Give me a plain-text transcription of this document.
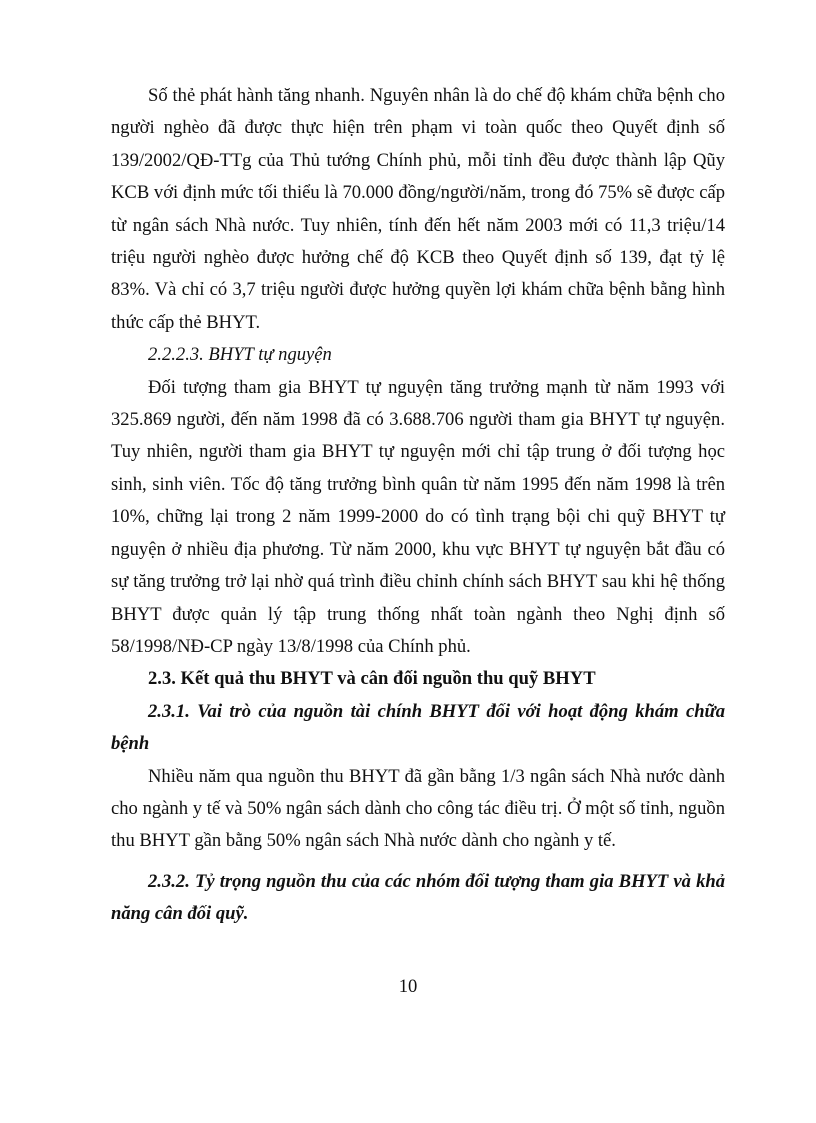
Số thẻ phát hành tăng nhanh. Nguyên nhân là do chế độ khám chữa bệnh cho người nghèo đã được thực hiện trên phạm vi toàn quốc theo Quyết định số 139/2002/QĐ-TTg của Thủ tướng Chính phủ, mỗi tỉnh đều được thành lập Qũy KCB với định mức tối thiểu là 70.000 đồng/người/năm, trong đó 75% sẽ được cấp từ ngân sách Nhà nước. Tuy nhiên, tính đến hết năm 2003 mới có 11,3 triệu/14 triệu người nghèo được hưởng chế độ KCB theo Quyết định số 139, đạt tỷ lệ 83%. Và chỉ có 3,7 triệu người được hưởng quyền lợi khám chữa bệnh bằng hình thức cấp thẻ BHYT.

2.2.2.3. BHYT tự nguyện

Đối tượng tham gia BHYT tự nguyện tăng trưởng mạnh từ năm 1993 với 325.869 người, đến năm 1998 đã có 3.688.706 người tham gia BHYT tự nguyện. Tuy nhiên, người tham gia BHYT tự nguyện mới chỉ tập trung ở đối tượng học sinh, sinh viên. Tốc độ tăng trưởng bình quân từ năm 1995 đến năm 1998 là trên 10%, chững lại trong 2 năm 1999-2000 do có tình trạng bội chi quỹ BHYT tự nguyện ở nhiều địa phương. Từ năm 2000, khu vực BHYT tự nguyện bắt đầu có sự tăng trưởng trở lại nhờ quá trình điều chỉnh chính sách BHYT sau khi hệ thống BHYT được quản lý tập trung thống nhất toàn ngành theo Nghị định số 58/1998/NĐ-CP ngày 13/8/1998 của Chính phủ.

2.3. Kết quả thu BHYT và cân đối nguồn thu quỹ BHYT

2.3.1. Vai trò của nguồn tài chính BHYT đối với hoạt động khám chữa bệnh

Nhiều năm qua nguồn thu BHYT đã gần bằng 1/3 ngân sách Nhà nước dành cho ngành y tế và 50% ngân sách dành cho công tác điều trị. Ở một số tỉnh, nguồn thu BHYT gần bằng 50% ngân sách Nhà nước dành cho ngành y tế.

2.3.2. Tỷ trọng nguồn thu của các nhóm đối tượng tham gia BHYT và khả năng cân đối quỹ.

10
